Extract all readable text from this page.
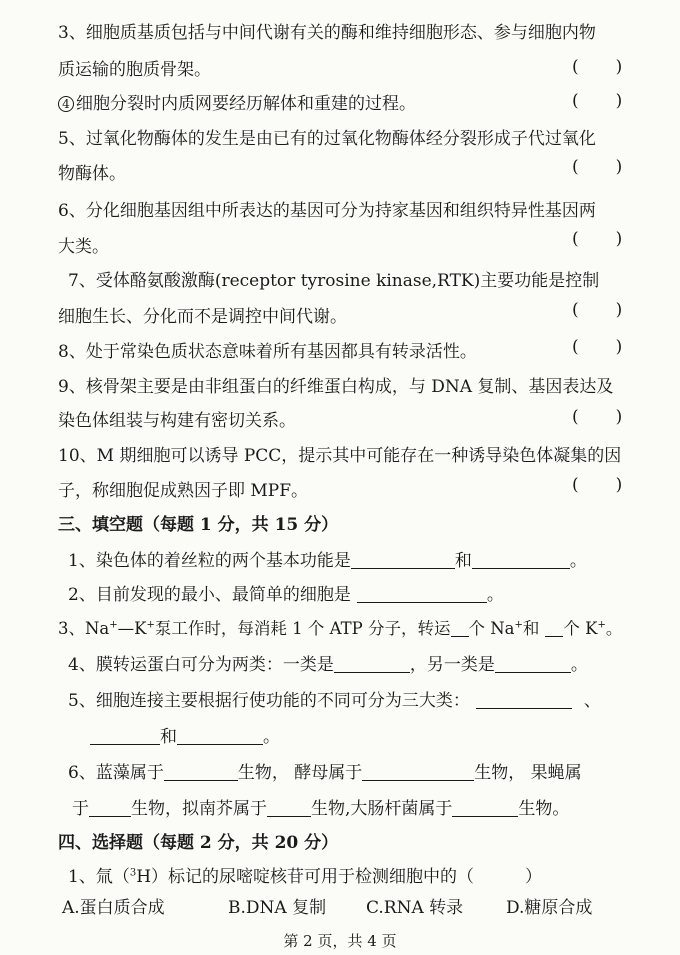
3、细胞质基质包括与中间代谢有关的酶和维持细胞形态、参与细胞内物
质运输的胞质骨架。	(　　)
4 细胞分裂时内质网要经历解体和重建的过程。	(　　)
5、过氧化物酶体的发生是由已有的过氧化物酶体经分裂形成子代过氧化
物酶体。	(　　)
6、分化细胞基因组中所表达的基因可分为持家基因和组织特异性基因两
大类。	(　　)
7、受体酪氨酸激酶(receptor tyrosine kinase,RTK)主要功能是控制
细胞生长、分化而不是调控中间代谢。	(　　)
8、处于常染色质状态意味着所有基因都具有转录活性。	(　　)
9、核骨架主要是由非组蛋白的纤维蛋白构成，与 DNA 复制、基因表达及
染色体组装与构建有密切关系。	(　　)
10、M 期细胞可以诱导 PCC，提示其中可能存在一种诱导染色体凝集的因
子，称细胞促成熟因子即 MPF。	(　　)
三、填空题（每题 1 分，共 15 分）
1、染色体的着丝粒的两个基本功能是	和	。
2、目前发现的最小、最简单的细胞是	。
3、Na+—K+泵工作时，每消耗 1 个 ATP 分子，转运 个 Na+和 个 K+。
4、膜转运蛋白可分为两类：一类是	，另一类是	。
5、细胞连接主要根据行使功能的不同可分为三大类：	、
和	。
6、蓝藻属于	生物， 酵母属于	生物， 果蝇属
于 生物，拟南芥属于	生物,大肠杆菌属于	生物。
四、选择题（每题 2 分，共 20 分）
1、氚（$^3$H）标记的尿嘧啶核苷可用于检测细胞中的（　　　）
A.蛋白质合成	B.DNA 复制 C.RNA 转录	D.糖原合成
第 2 页，共 4 页
